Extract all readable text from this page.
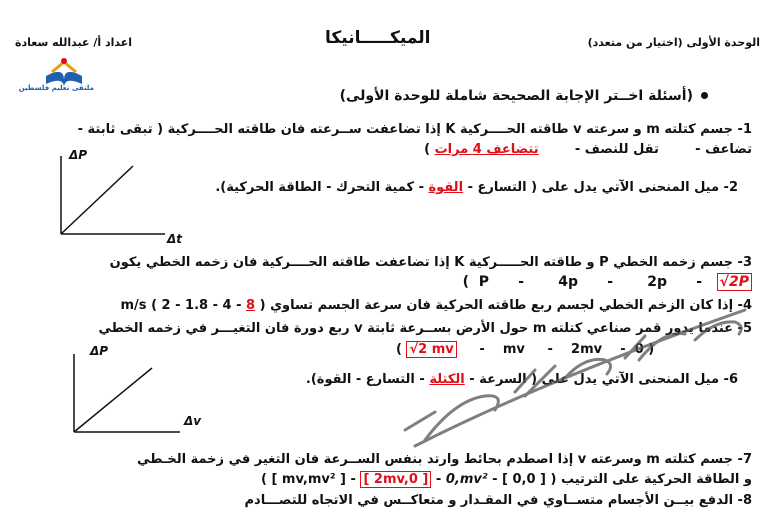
الوحدة الأولى (اختيار من متعدد)
الميكـــــانيكا
اعداد أ/ عبدالله سعادة
ملتقى تعليم فلسطين	(أسئلة اخــتر الإجابة الصحيحة شاملة للوحدة الأولى)
1- جسم كتلته m و سرعته v طاقته الحــــركية K إذا تضاعفت ســرعته فان طاقته الحــــركية ( تبقى ثابتة -
تضاعف -        تقل للنصف -        تتضاعف 4 مرات )
ΔP
Δt
2- ميل المنحنى الآتي يدل على ( التسارع - القوة - كمية التحرك - الطاقة الحركية).
3- جسم زخمه الخطي P و طاقته الحـــــركية K إذا تضاعفت طاقته الحــــركية فان زخمه الخطي يكون
( P      -       4p      -       2p      -   √2P
4- إذا كان الزخم الخطي لجسم ربع طاقته الحركية فان سرعة الجسم تساوي ( 8 - 4 - 1.8 - 2 ) m/s
5- عندما يدور قمر صناعي كتلته m حول الأرض بســرعة ثابتة v ربع دورة فان التغيـــر في زخمه الخطي
( √2 mv     -    mv     -    2mv    -  0 )
ΔP
Δv
6- ميل المنحنى الآتي يدل على ( السرعة - الكتلة - التسارع - القوة).
7- جسم كتلته m وسرعته v إذا اصطدم بحائط وارتد بنفس الســرعة فان التغير في زخمة الخـطي
و الطاقة الحركية على الترتيب ( [ mv,mv² ] - [ 2mv,0 ] - 0,mv² - [ 0,0 ] )
8- الدفع بيــن الأجسام متســاوي في المقـدار و متعاكــس في الاتجاه للتصـــادم
